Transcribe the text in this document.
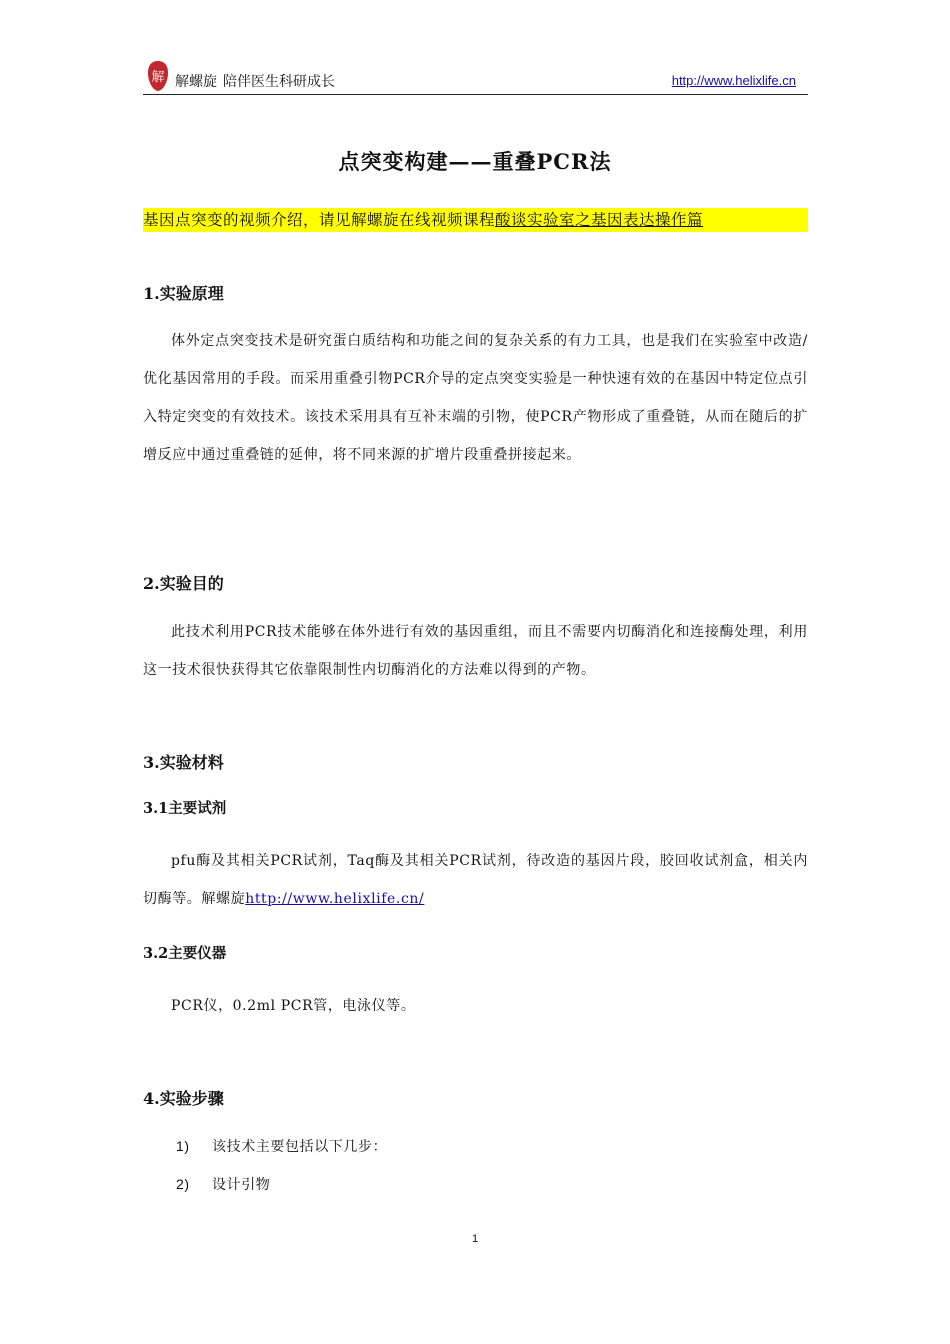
解 解螺旋 陪伴医生科研成长	http://www.helixlife.cn
点突变构建——重叠PCR法
基因点突变的视频介绍，请见解螺旋在线视频课程酸谈实验室之基因表达操作篇
1.实验原理
体外定点突变技术是研究蛋白质结构和功能之间的复杂关系的有力工具，也是我们在实验室中改造/优化基因常用的手段。而采用重叠引物PCR介导的定点突变实验是一种快速有效的在基因中特定位点引入特定突变的有效技术。该技术采用具有互补末端的引物，使PCR产物形成了重叠链，从而在随后的扩增反应中通过重叠链的延伸，将不同来源的扩增片段重叠拼接起来。
2.实验目的
此技术利用PCR技术能够在体外进行有效的基因重组，而且不需要内切酶消化和连接酶处理，利用这一技术很快获得其它依靠限制性内切酶消化的方法难以得到的产物。
3.实验材料
3.1主要试剂
pfu酶及其相关PCR试剂，Taq酶及其相关PCR试剂，待改造的基因片段，胶回收试剂盒，相关内切酶等。解螺旋http://www.helixlife.cn/
3.2主要仪器
PCR仪，0.2ml PCR管，电泳仪等。
4.实验步骤
1) 该技术主要包括以下几步：
2) 设计引物
1
